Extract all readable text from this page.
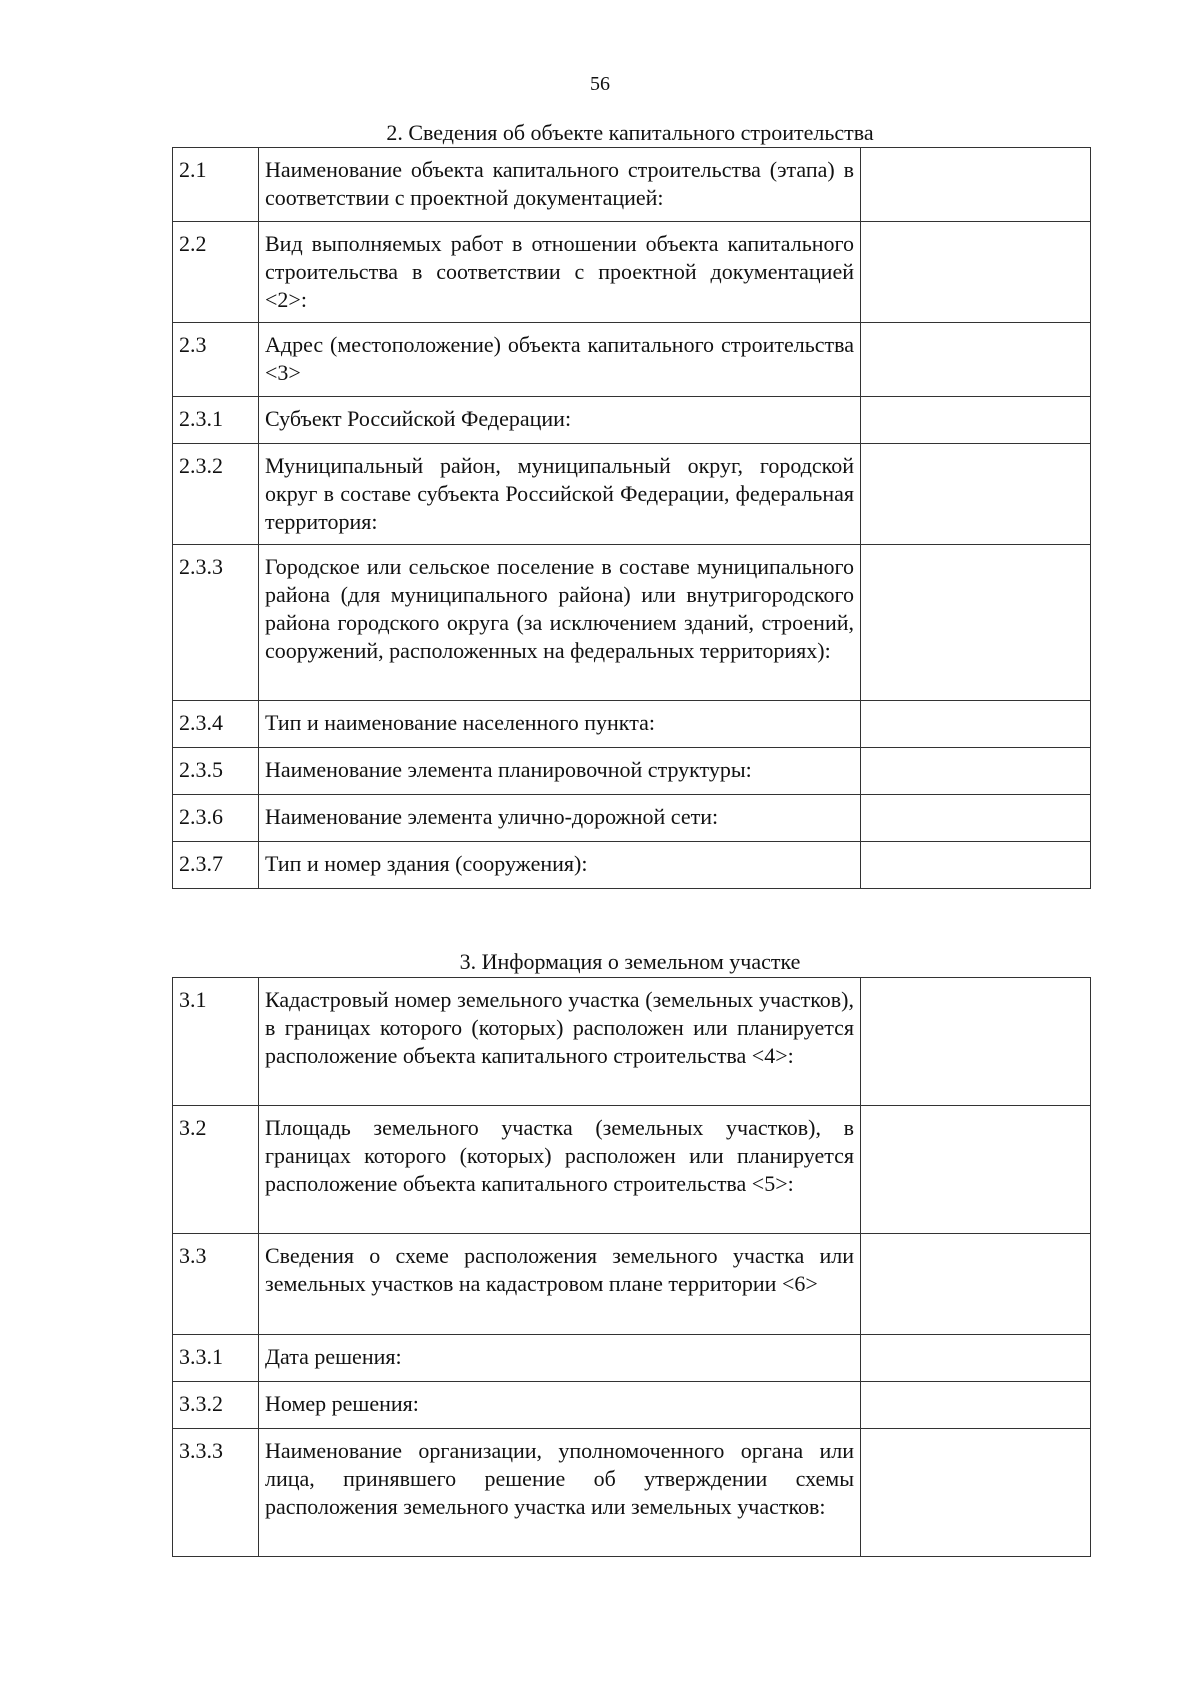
56
2. Сведения об объекте капитального строительства
2.1	Наименование объекта капитального строительства (этапа) в соответствии с проектной документацией:	
2.2	Вид выполняемых работ в отношении объекта капитального строительства в соответствии с проектной документацией <2>:	
2.3	Адрес (местоположение) объекта капитального строительства <3>	
2.3.1	Субъект Российской Федерации:	
2.3.2	Муниципальный район, муниципальный округ, городской округ в составе субъекта Российской Федерации, федеральная территория:	
2.3.3	Городское или сельское поселение в составе муниципального района (для муниципального района) или внутригородского района городского округа (за исключением зданий, строений, сооружений, расположенных на федеральных территориях):	
2.3.4	Тип и наименование населенного пункта:	
2.3.5	Наименование элемента планировочной структуры:	
2.3.6	Наименование элемента улично-дорожной сети:	
2.3.7	Тип и номер здания (сооружения):	
3. Информация о земельном участке
3.1	Кадастровый номер земельного участка (земельных участков), в границах которого (которых) расположен или планируется расположение объекта капитального строительства <4>:	
3.2	Площадь земельного участка (земельных участков), в границах которого (которых) расположен или планируется расположение объекта капитального строительства <5>:	
3.3	Сведения о схеме расположения земельного участка или земельных участков на кадастровом плане территории <6>	
3.3.1	Дата решения:	
3.3.2	Номер решения:	
3.3.3	Наименование организации, уполномоченного органа или лица, принявшего решение об утверждении схемы расположения земельного участка или земельных участков:	
